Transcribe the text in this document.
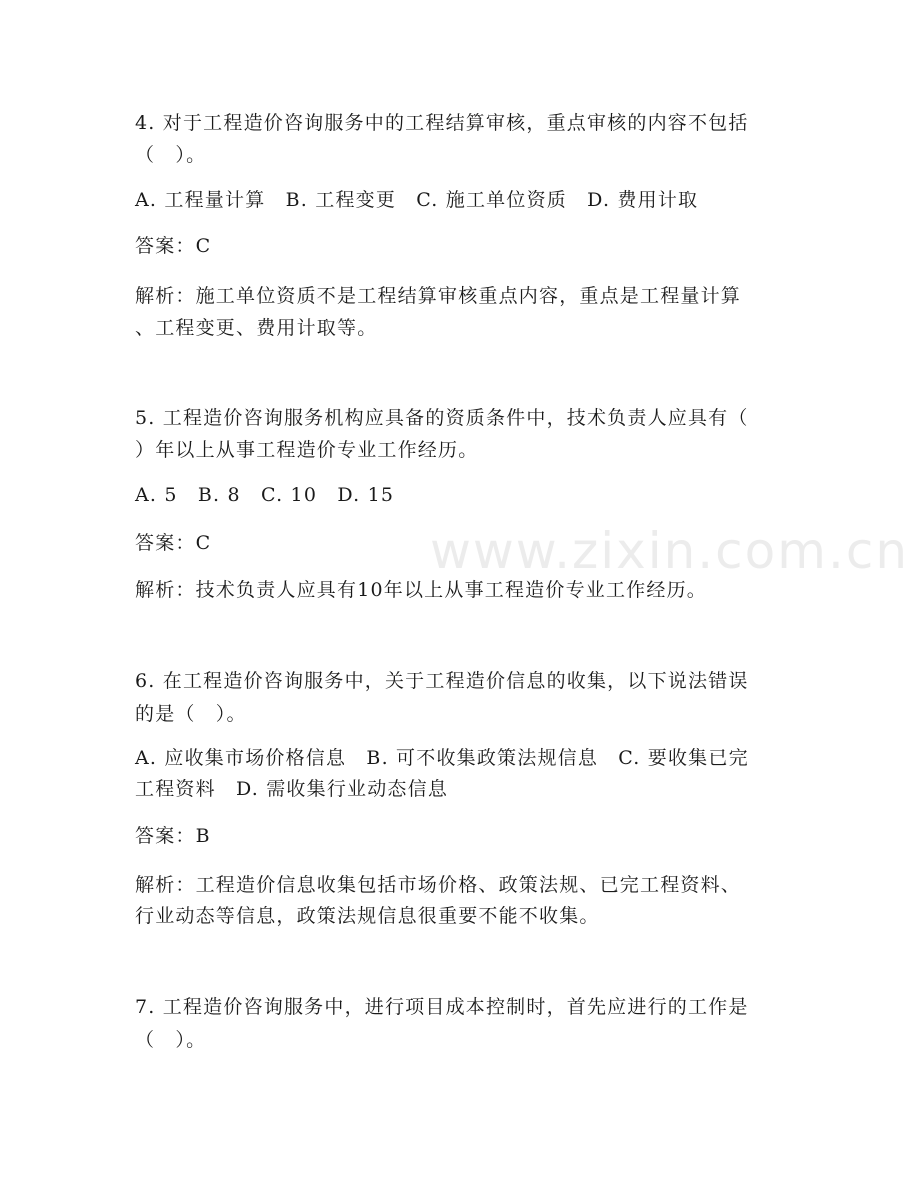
www.zixin.com.cn
4. 对于工程造价咨询服务中的工程结算审核，重点审核的内容不包括
（　）。
A. 工程量计算　B. 工程变更　C. 施工单位资质　D. 费用计取
答案：C
解析：施工单位资质不是工程结算审核重点内容，重点是工程量计算
、工程变更、费用计取等。
5. 工程造价咨询服务机构应具备的资质条件中，技术负责人应具有（
）年以上从事工程造价专业工作经历。
A. 5　B. 8　C. 10　D. 15
答案：C
解析：技术负责人应具有10年以上从事工程造价专业工作经历。
6. 在工程造价咨询服务中，关于工程造价信息的收集，以下说法错误
的是（　）。
A. 应收集市场价格信息　B. 可不收集政策法规信息　C. 要收集已完
工程资料　D. 需收集行业动态信息
答案：B
解析：工程造价信息收集包括市场价格、政策法规、已完工程资料、
行业动态等信息，政策法规信息很重要不能不收集。
7. 工程造价咨询服务中，进行项目成本控制时，首先应进行的工作是
（　）。
